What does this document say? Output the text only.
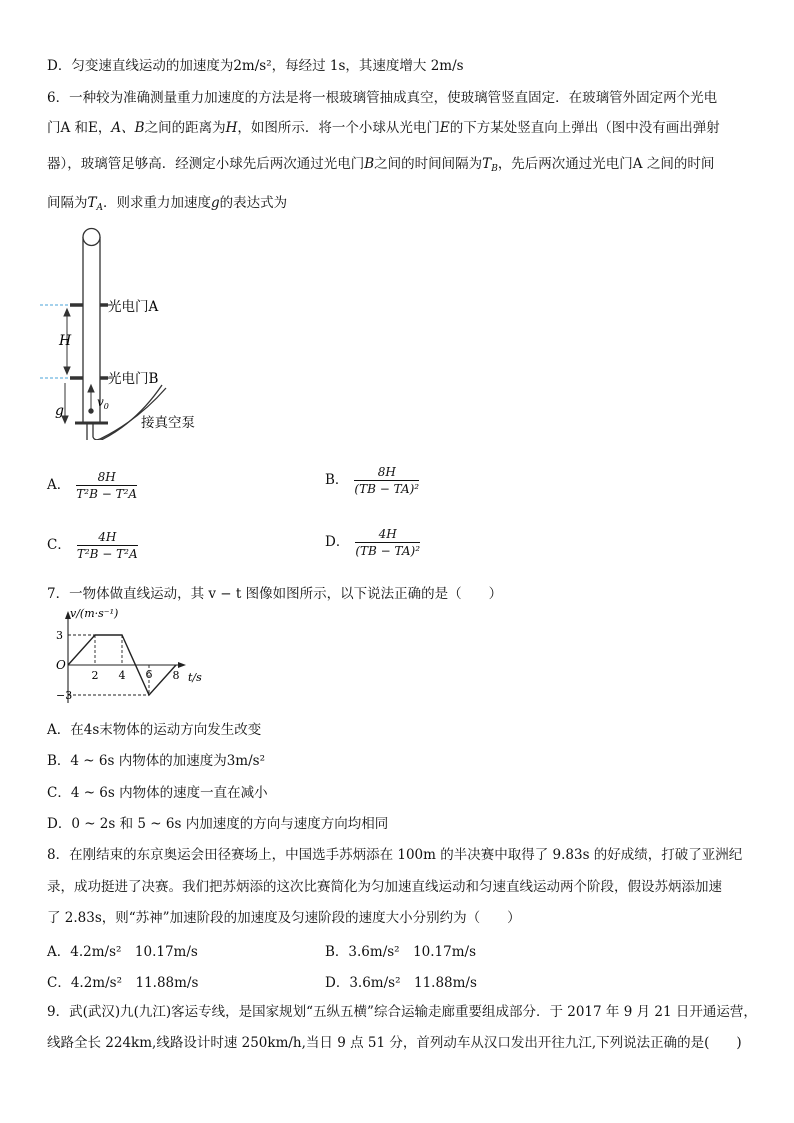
D．匀变速直线运动的加速度为2m/s²，每经过 1s，其速度增大 2m/s
6．一种较为准确测量重力加速度的方法是将一根玻璃管抽成真空，使玻璃管竖直固定．在玻璃管外固定两个光电
门A 和E，A、B之间的距离为H，如图所示．将一个小球从光电门E的下方某处竖直向上弹出（图中没有画出弹射
器），玻璃管足够高．经测定小球先后两次通过光电门B之间的时间间隔为$T_B$，先后两次通过光电门A 之间的时间
间隔为$T_A$．则求重力加速度g的表达式为
光电门A
光电门B
H
g
$v_0$
接真空泵
A． $\frac{8H}{\text{T²B − T²A}}$	B． $\frac{8H}{\text{(TB − TA)²}}$
C． $\frac{4H}{\text{T²B − T²A}}$	D． $\frac{4H}{\text{(TB − TA)²}}$
7．一物体做直线运动，其 v − t 图像如图所示，以下说法正确的是（　　）
v/(m·s⁻¹)
t/s
O
3
−3
2 4 6 8
A．在4s末物体的运动方向发生改变
B．4 ~ 6s 内物体的加速度为3m/s²
C．4 ~ 6s 内物体的速度一直在减小
D．0 ~ 2s 和 5 ~ 6s 内加速度的方向与速度方向均相同
8．在刚结束的东京奥运会田径赛场上，中国选手苏炳添在 100m 的半决赛中取得了 9.83s 的好成绩，打破了亚洲纪
录，成功挺进了决赛。我们把苏炳添的这次比赛简化为匀加速直线运动和匀速直线运动两个阶段，假设苏炳添加速
了 2.83s，则“苏神”加速阶段的加速度及匀速阶段的速度大小分别约为（　　）
A．4.2m/s²　10.17m/s	B．3.6m/s²　10.17m/s
C．4.2m/s²　11.88m/s	D．3.6m/s²　11.88m/s
9．武(武汉)九(九江)客运专线，是国家规划“五纵五横”综合运输走廊重要组成部分．于 2017 年 9 月 21 日开通运营，
线路全长 224km,线路设计时速 250km/h,当日 9 点 51 分，首列动车从汉口发出开往九江,下列说法正确的是(　　)
